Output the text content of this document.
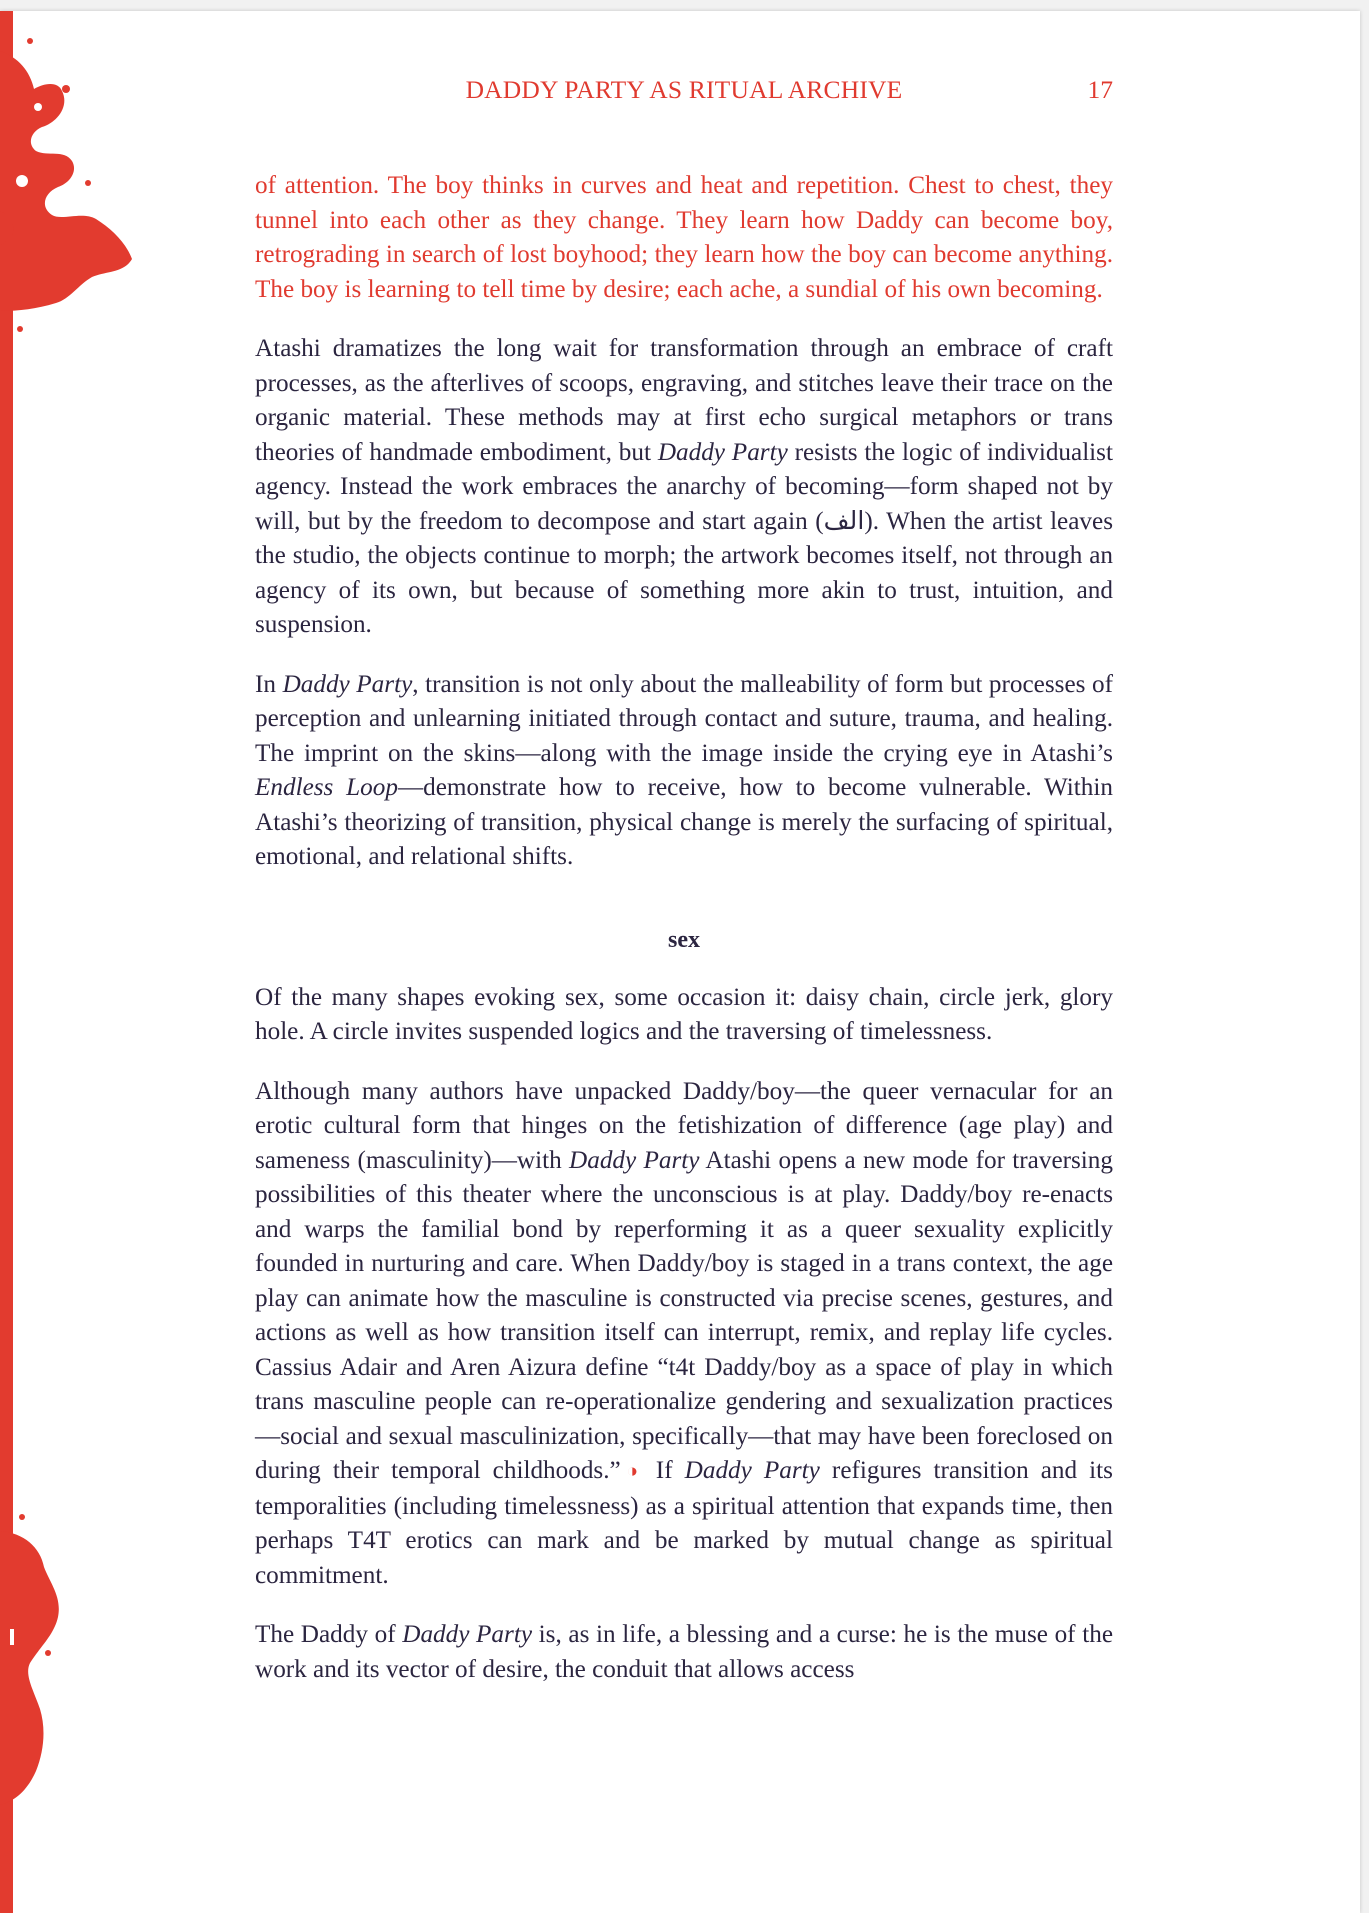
DADDY PARTY AS RITUAL ARCHIVE	17

of attention. The boy thinks in curves and heat and repetition. Chest to chest, they tunnel into each other as they change. They learn how Daddy can become boy, retrograding in search of lost boyhood; they learn how the boy can become anything. The boy is learning to tell time by desire; each ache, a sundial of his own becoming.

Atashi dramatizes the long wait for transformation through an embrace of craft processes, as the afterlives of scoops, engraving, and stitches leave their trace on the organic material. These methods may at first echo surgical metaphors or trans theories of handmade embodiment, but Daddy Party resists the logic of individualist agency. Instead the work embraces the anarchy of becoming—form shaped not by will, but by the freedom to decompose and start again (الف). When the artist leaves the studio, the objects continue to morph; the artwork becomes itself, not through an agency of its own, but because of something more akin to trust, intuition, and suspension.

In Daddy Party, transition is not only about the malleability of form but processes of perception and unlearning initiated through contact and suture, trauma, and healing. The imprint on the skins—along with the image inside the crying eye in Atashi’s Endless Loop—demonstrate how to receive, how to become vulnerable. Within Atashi’s theorizing of transition, physical change is merely the surfacing of spiritual, emotional, and relational shifts.

sex

Of the many shapes evoking sex, some occasion it: daisy chain, circle jerk, glory hole. A circle invites suspended logics and the traversing of timelessness.

Although many authors have unpacked Daddy/boy—the queer vernacular for an erotic cultural form that hinges on the fetishization of difference (age play) and sameness (masculinity)—with Daddy Party Atashi opens a new mode for traversing possibilities of this theater where the unconscious is at play. Daddy/boy re-enacts and warps the familial bond by reperforming it as a queer sexuality explicitly founded in nurturing and care. When Daddy/boy is staged in a trans context, the age play can animate how the masculine is constructed via precise scenes, gestures, and actions as well as how transition itself can interrupt, remix, and replay life cycles. Cassius Adair and Aren Aizura define “t4t Daddy/boy as a space of play in which trans masculine people can re-operationalize gendering and sexualization practices—social and sexual masculinization, specifically—that may have been foreclosed on during their temporal childhoods.”◑ If Daddy Party refigures transition and its temporalities (including timelessness) as a spiritual attention that expands time, then perhaps T4T erotics can mark and be marked by mutual change as spiritual commitment.

The Daddy of Daddy Party is, as in life, a blessing and a curse: he is the muse of the work and its vector of desire, the conduit that allows access
